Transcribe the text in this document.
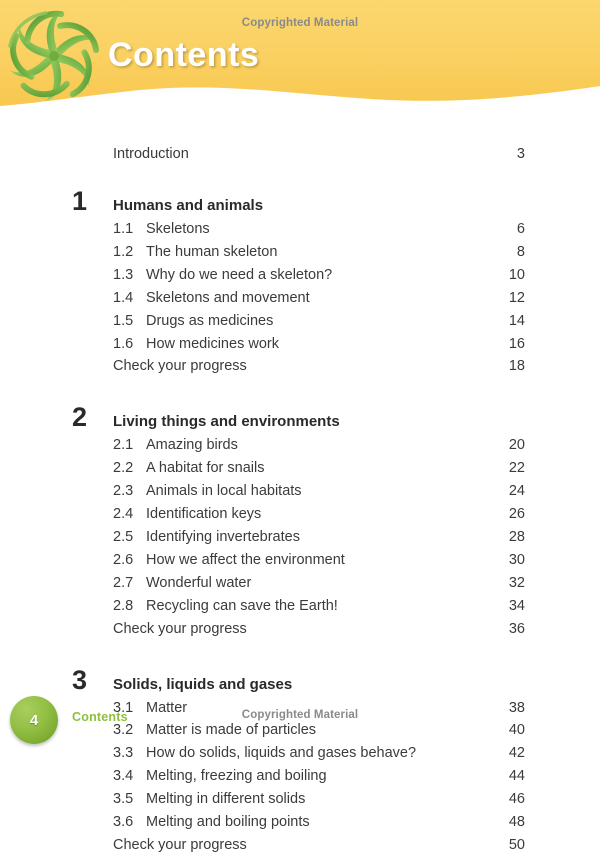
Copyrighted Material
Contents
Introduction	3
1	Humans and animals
1.1 Skeletons	6
1.2 The human skeleton	8
1.3 Why do we need a skeleton?	10
1.4 Skeletons and movement	12
1.5 Drugs as medicines	14
1.6 How medicines work	16
Check your progress	18
2	Living things and environments
2.1 Amazing birds	20
2.2 A habitat for snails	22
2.3 Animals in local habitats	24
2.4 Identification keys	26
2.5 Identifying invertebrates	28
2.6 How we affect the environment	30
2.7 Wonderful water	32
2.8 Recycling can save the Earth!	34
Check your progress	36
3	Solids, liquids and gases
3.1 Matter	38
3.2 Matter is made of particles	40
3.3 How do solids, liquids and gases behave?	42
3.4 Melting, freezing and boiling	44
3.5 Melting in different solids	46
3.6 Melting and boiling points	48
Check your progress	50
4	Contents	Copyrighted Material
